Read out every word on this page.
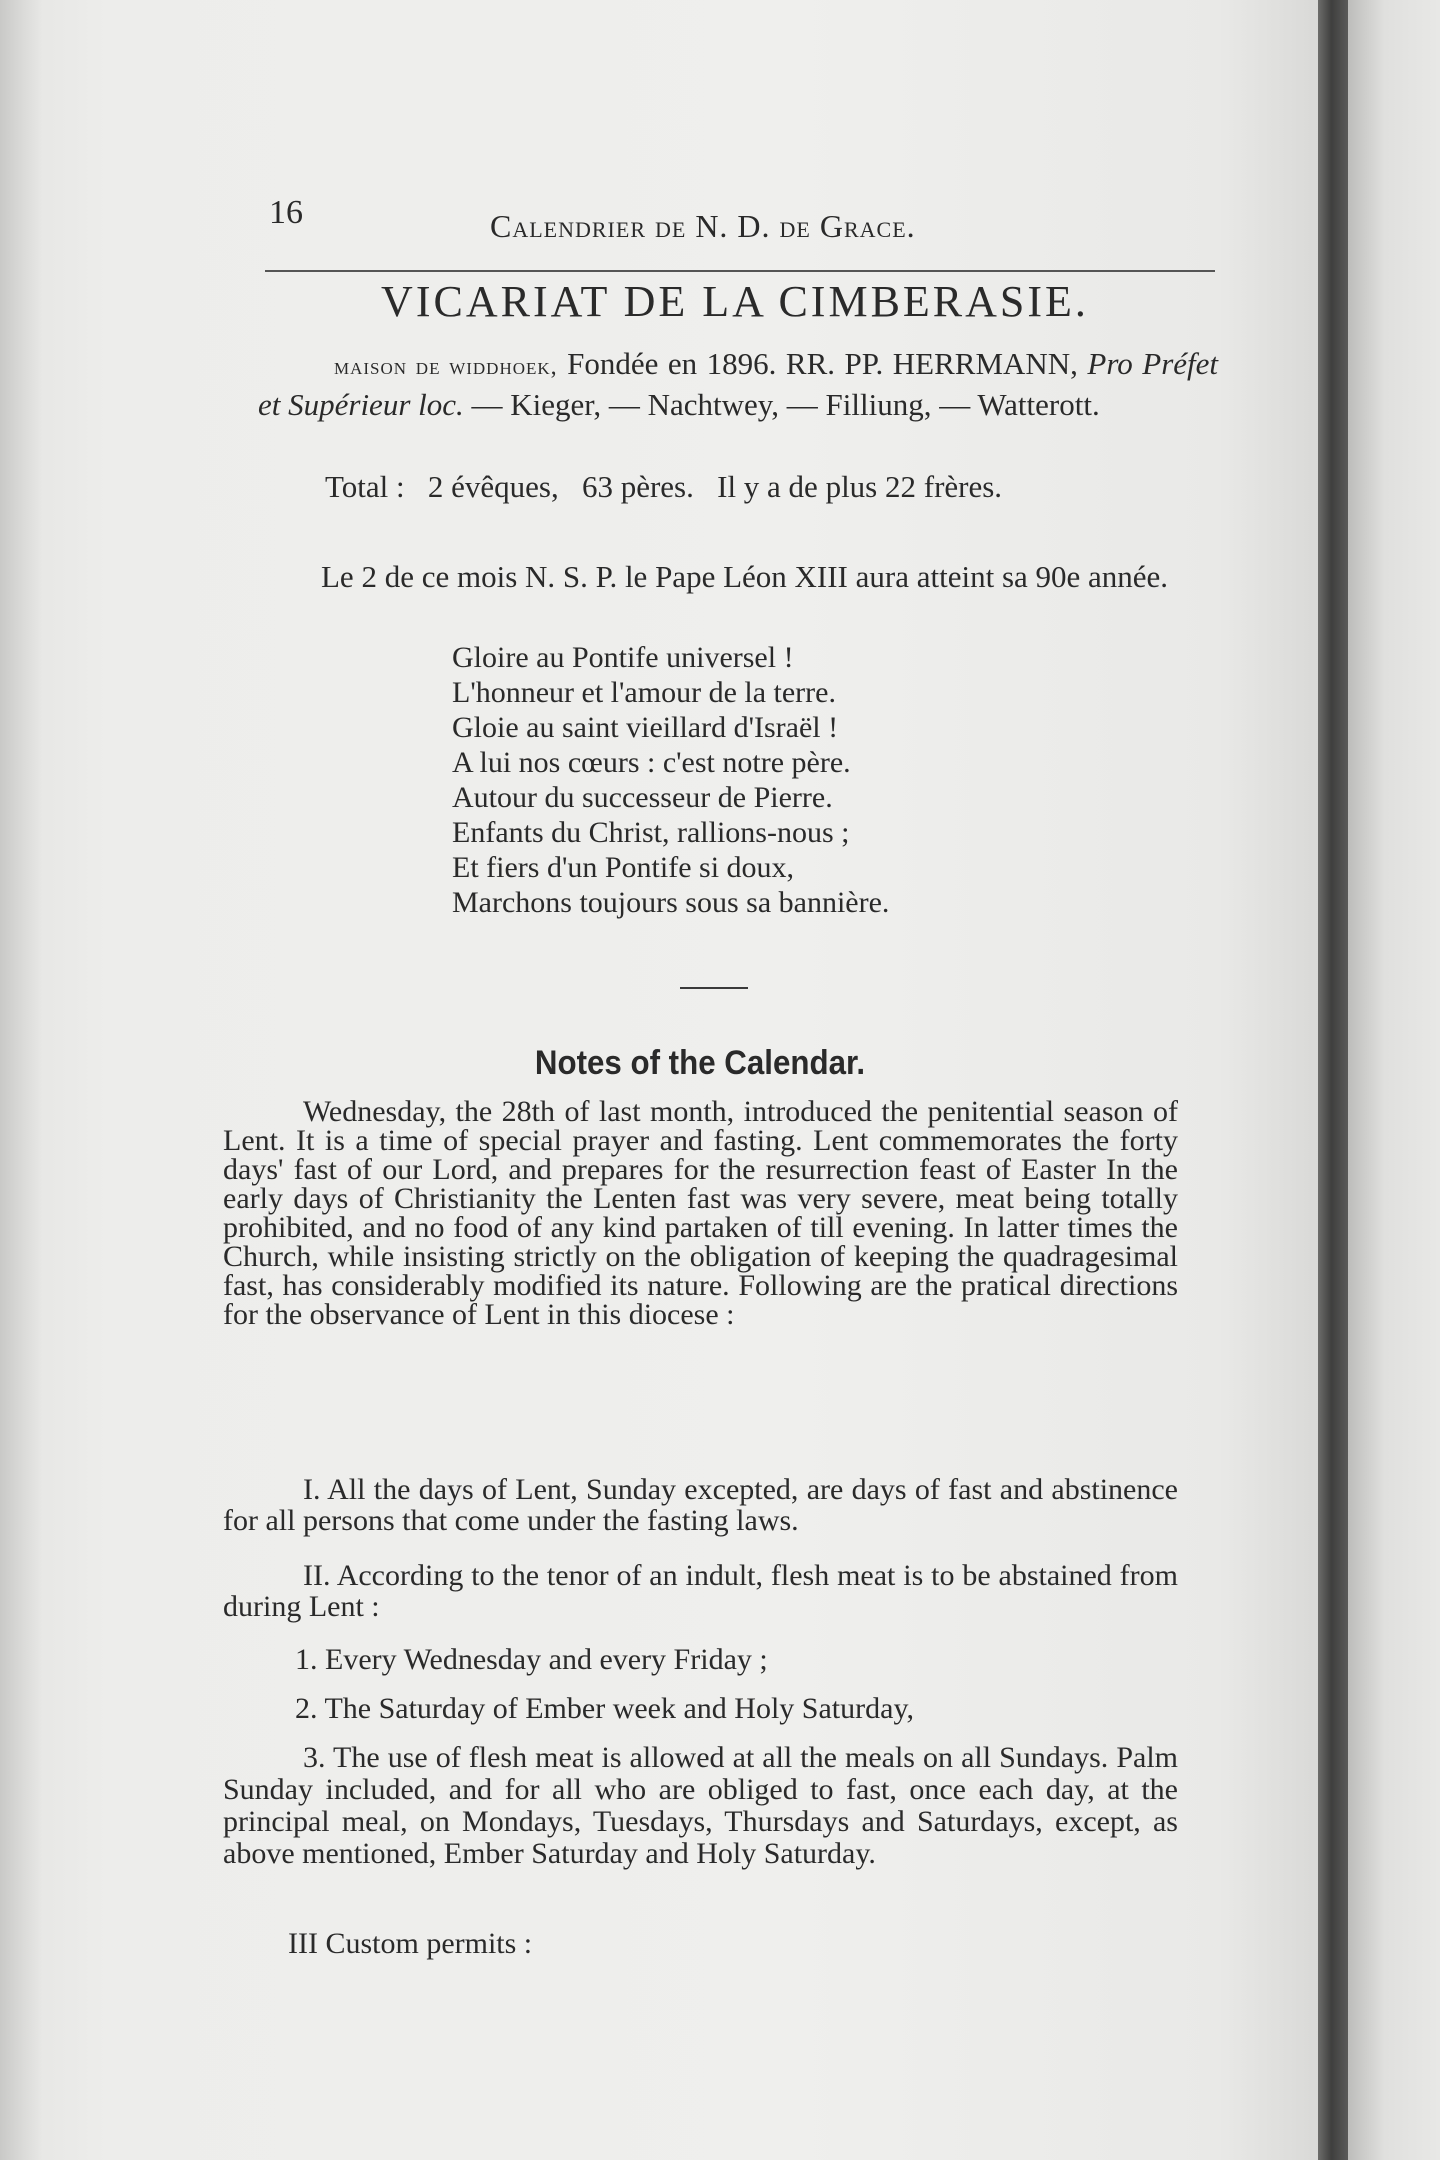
16	Calendrier de N. D. de Grace.
VICARIAT DE LA CIMBERASIE.
maison de widdhoek, Fondée en 1896. RR. PP. HERRMANN, Pro Préfet et Supérieur loc. — Kieger, — Nachtwey, — Filliung, — Watterott.
Total :   2 évêques,   63 pères.   Il y a de plus 22 frères.
Le 2 de ce mois N. S. P. le Pape Léon XIII aura atteint sa 90e année.
Gloire au Pontife universel !
L'honneur et l'amour de la terre.
Gloie au saint vieillard d'Israël !
A lui nos cœurs : c'est notre père.
Autour du successeur de Pierre.
Enfants du Christ, rallions-nous ;
Et fiers d'un Pontife si doux,
Marchons toujours sous sa bannière.
Notes of the Calendar.
Wednesday, the 28th of last month, introduced the penitential season of Lent. It is a time of special prayer and fasting. Lent commemorates the forty days' fast of our Lord, and prepares for the resurrection feast of Easter In the early days of Christianity the Lenten fast was very severe, meat being totally prohibited, and no food of any kind partaken of till evening. In latter times the Church, while insisting strictly on the obligation of keeping the quadragesimal fast, has considerably modified its nature. Following are the pratical directions for the observance of Lent in this diocese :
I. All the days of Lent, Sunday excepted, are days of fast and abstinence for all persons that come under the fasting laws.
II. According to the tenor of an indult, flesh meat is to be abstained from during Lent :
1. Every Wednesday and every Friday ;
2. The Saturday of Ember week and Holy Saturday,
3. The use of flesh meat is allowed at all the meals on all Sundays. Palm Sunday included, and for all who are obliged to fast, once each day, at the principal meal, on Mondays, Tuesdays, Thursdays and Saturdays, except, as above mentioned, Ember Saturday and Holy Saturday.
III Custom permits :
